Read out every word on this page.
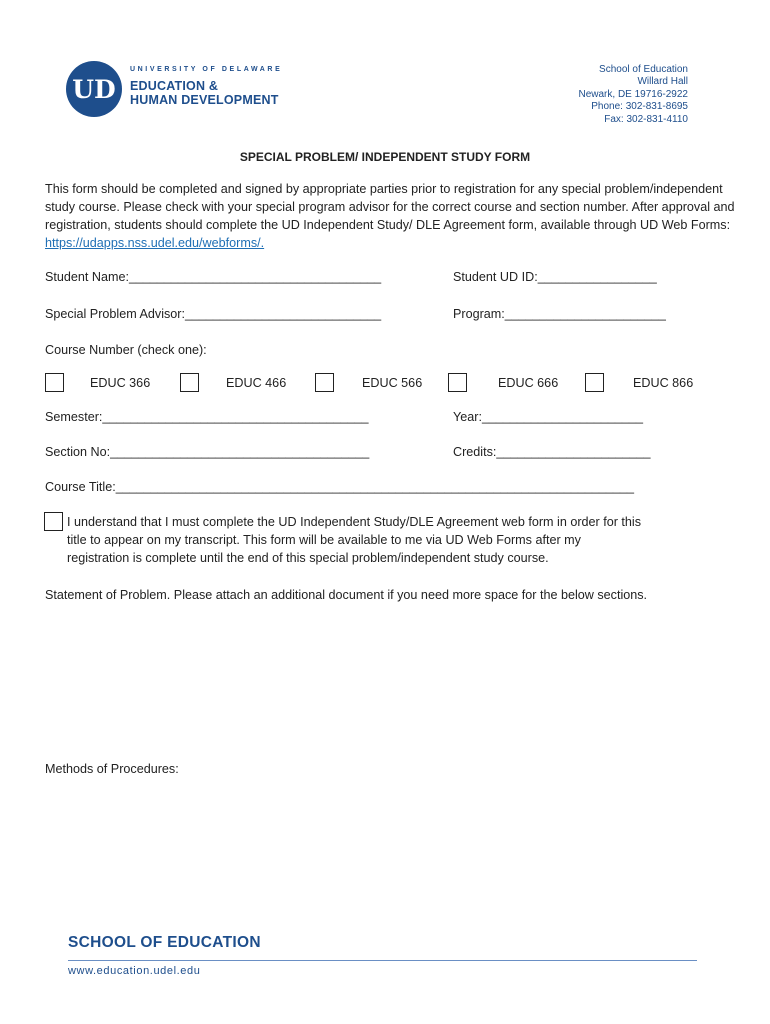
UD
UNIVERSITY OF DELAWARE
EDUCATION &
HUMAN DEVELOPMENT
School of Education
Willard Hall
Newark, DE 19716-2922
Phone: 302-831-8695
Fax: 302-831-4110
SPECIAL PROBLEM/ INDEPENDENT STUDY FORM
This form should be completed and signed by appropriate parties prior to registration for any special problem/independent study course. Please check with your special program advisor for the correct course and section number. After approval and registration, students should complete the UD Independent Study/ DLE Agreement form, available through UD Web Forms: https://udapps.nss.udel.edu/webforms/.
Student Name:____________________________________	Student UD ID:_________________
Special Problem Advisor:____________________________	Program:_______________________
Course Number (check one):
EDUC 366	EDUC 466	EDUC 566	EDUC 666	EDUC 866
Semester:______________________________________	Year:_______________________
Section No:_____________________________________	Credits:______________________
Course Title:__________________________________________________________________________
I understand that I must complete the UD Independent Study/DLE Agreement web form in order for this
title to appear on my transcript. This form will be available to me via UD Web Forms after my
registration is complete until the end of this special problem/independent study course.
Statement of Problem. Please attach an additional document if you need more space for the below sections.
Methods of Procedures:
SCHOOL OF EDUCATION
www.education.udel.edu
